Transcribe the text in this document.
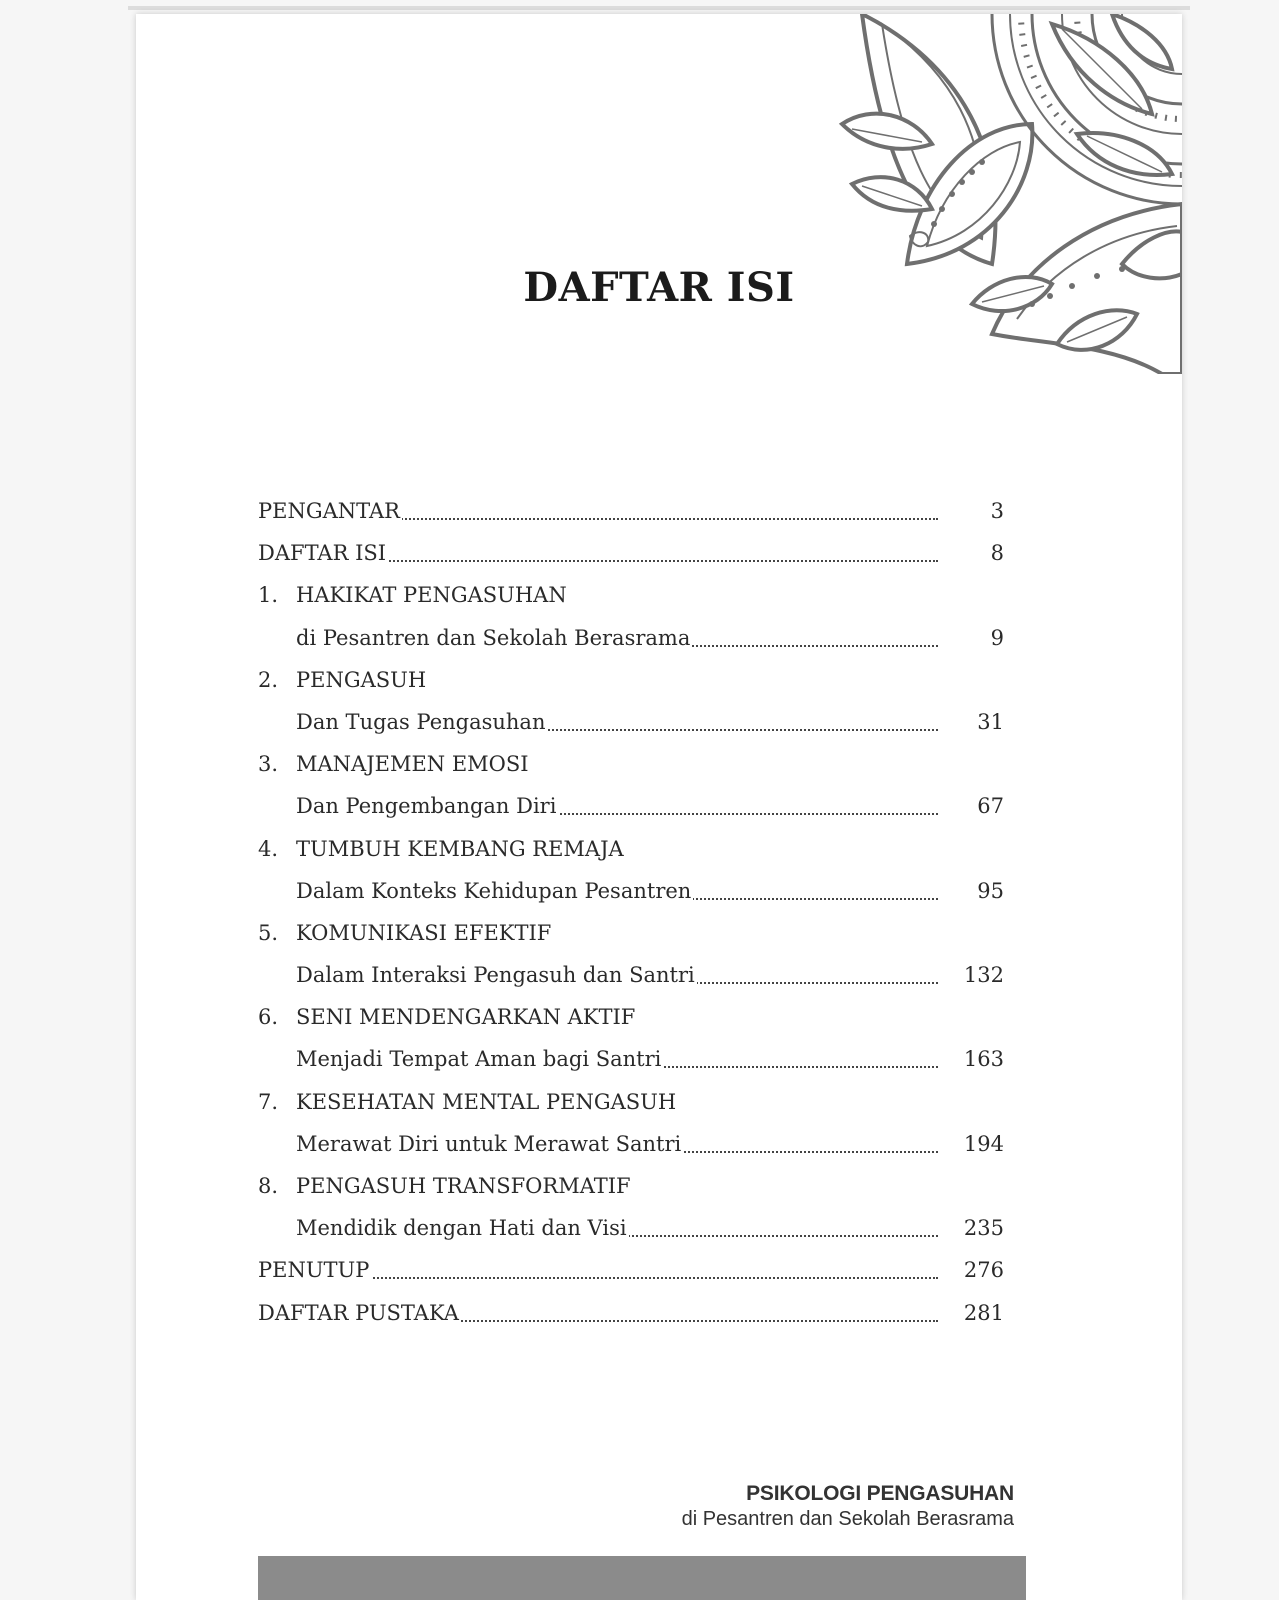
DAFTAR ISI
PENGANTAR	3
DAFTAR ISI	8
1. HAKIKAT PENGASUHAN
di Pesantren dan Sekolah Berasrama	9
2. PENGASUH
Dan Tugas Pengasuhan	31
3. MANAJEMEN EMOSI
Dan Pengembangan Diri	67
4. TUMBUH KEMBANG REMAJA
Dalam Konteks Kehidupan Pesantren	95
5. KOMUNIKASI EFEKTIF
Dalam Interaksi Pengasuh dan Santri	132
6. SENI MENDENGARKAN AKTIF
Menjadi Tempat Aman bagi Santri	163
7. KESEHATAN MENTAL PENGASUH
Merawat Diri untuk Merawat Santri	194
8. PENGASUH TRANSFORMATIF
Mendidik dengan Hati dan Visi	235
PENUTUP	276
DAFTAR PUSTAKA	281
PSIKOLOGI PENGASUHAN
di Pesantren dan Sekolah Berasrama
